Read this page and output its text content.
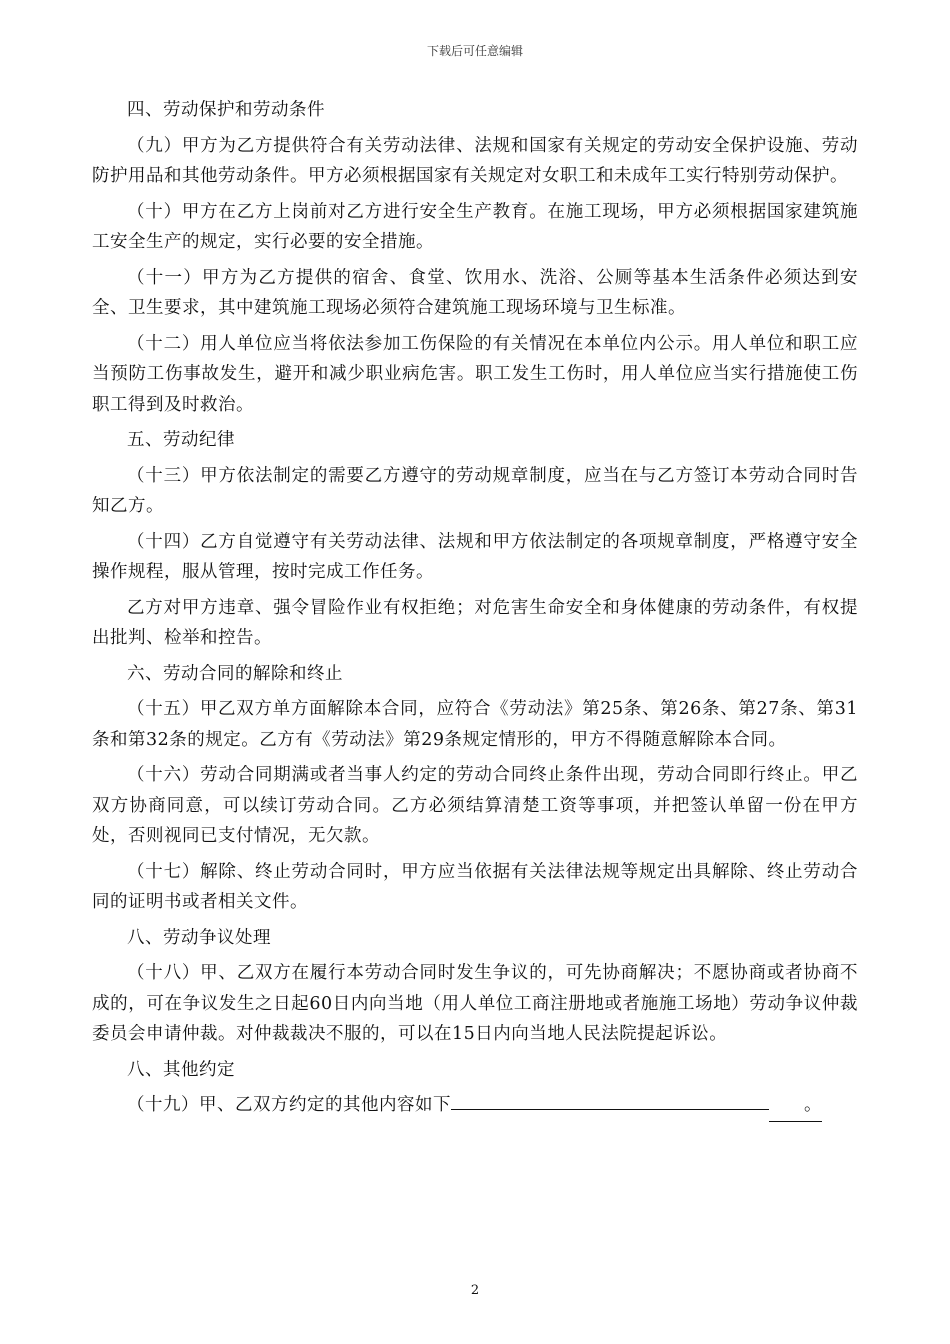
下载后可任意编辑

四、劳动保护和劳动条件

（九）甲方为乙方提供符合有关劳动法律、法规和国家有关规定的劳动安全保护设施、劳动防护用品和其他劳动条件。甲方必须根据国家有关规定对女职工和未成年工实行特别劳动保护。

（十）甲方在乙方上岗前对乙方进行安全生产教育。在施工现场，甲方必须根据国家建筑施工安全生产的规定，实行必要的安全措施。

（十一）甲方为乙方提供的宿舍、食堂、饮用水、洗浴、公厕等基本生活条件必须达到安全、卫生要求，其中建筑施工现场必须符合建筑施工现场环境与卫生标准。

（十二）用人单位应当将依法参加工伤保险的有关情况在本单位内公示。用人单位和职工应当预防工伤事故发生，避开和减少职业病危害。职工发生工伤时，用人单位应当实行措施使工伤职工得到及时救治。

五、劳动纪律

（十三）甲方依法制定的需要乙方遵守的劳动规章制度，应当在与乙方签订本劳动合同时告知乙方。

（十四）乙方自觉遵守有关劳动法律、法规和甲方依法制定的各项规章制度，严格遵守安全操作规程，服从管理，按时完成工作任务。

乙方对甲方违章、强令冒险作业有权拒绝；对危害生命安全和身体健康的劳动条件，有权提出批判、检举和控告。

六、劳动合同的解除和终止

（十五）甲乙双方单方面解除本合同，应符合《劳动法》第25条、第26条、第27条、第31条和第32条的规定。乙方有《劳动法》第29条规定情形的，甲方不得随意解除本合同。

（十六）劳动合同期满或者当事人约定的劳动合同终止条件出现，劳动合同即行终止。甲乙双方协商同意，可以续订劳动合同。乙方必须结算清楚工资等事项，并把签认单留一份在甲方处，否则视同已支付情况，无欠款。

（十七）解除、终止劳动合同时，甲方应当依据有关法律法规等规定出具解除、终止劳动合同的证明书或者相关文件。

八、劳动争议处理

（十八）甲、乙双方在履行本劳动合同时发生争议的，可先协商解决；不愿协商或者协商不成的，可在争议发生之日起60日内向当地（用人单位工商注册地或者施施工场地）劳动争议仲裁委员会申请仲裁。对仲裁裁决不服的，可以在15日内向当地人民法院提起诉讼。

八、其他约定

（十九）甲、乙双方约定的其他内容如下	。

2
